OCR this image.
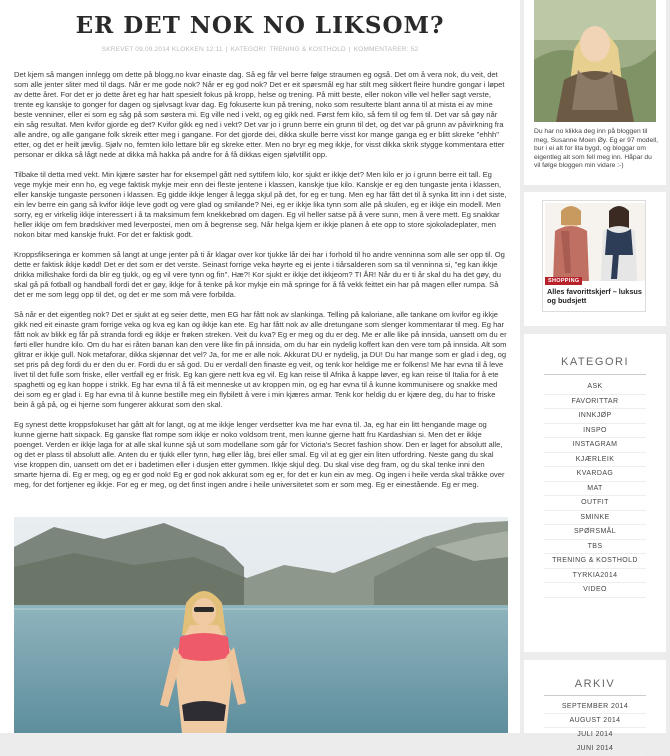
ER DET NOK NO LIKSOM?
SKREVET 09.09.2014 KLOKKEN 12:11 | KATEGORI: TRENING & KOSTHOLD | KOMMENTARER: 52

Det kjem så mangen innlegg om dette på blogg.no kvar einaste dag. Så eg får vel berre følge straumen eg også. Det om å vera nok, du veit, det som alle jenter sliter med til dags. Når er me gode nok? Når er eg god nok? Det er eit spørsmål eg har stilt meg sikkert fleire hundre gongar i løpet av dette året. For det er jo dette året eg har hatt spesielt fokus på kropp, helse og trening. På mitt beste, eller nokon ville vel heller sagt verste, trente eg kanskje to gonger for dagen og sjølvsagt kvar dag. Eg fokuserte kun på trening, noko som resulterte blant anna til at mista ei av mine beste venniner, eller ei som eg såg på som søstera mi. Eg ville ned i vekt, og eg gikk ned. Først fem kilo, så fem til og fem til. Det var så gøy når ein såg resultat. Men kvifor gjorde eg det? Kvifor gikk eg ned i vekt? Det var jo i grunn berre ein grunn til det, og det var på grunn av påvirkning fra alle andre, og alle gangane folk skreik etter meg i gangane. For det gjorde dei, dikka skulle berre visst kor mange ganga eg er blitt skreke "ehhh" etter, og det er heilt jævlig. Sjølv no, femten kilo lettare blir eg skreke etter. Men no bryr eg meg ikkje, for visst dikka skrik stygge kommentara etter personar er dikka så lågt nede at dikka må hakka på andre for å få dikkas eigen sjølvtillit opp.

Tilbake til detta med vekt. Min kjære søster har for eksempel gått ned syttifem kilo, kor sjukt er ikkje det? Men kilo er jo i grunn berre eit tall. Eg vege mykje meir enn ho, eg vege faktisk mykje meir enn dei fleste jentene i klassen, kanskje tjue kilo. Kanskje er eg den tungaste jenta i klassen, eller kanskje tungaste personen i klassen. Eg gidde ikkje lenger å legga skjul på det, for eg er tung. Men eg har fått det til å synka litt inn i det siste, ein lev berre ein gang så kvifor ikkje leve godt og vere glad og smilande? Nei, eg er ikkje lika tynn som alle på skulen, eg er ikkje ein modell. Men sorry, eg er virkelig ikkje interessert i å ta maksimum fem knekkebrød om dagen. Eg vil heller satse på å vere sunn, men å vere mett. Eg snakkar heller ikkje om fem brødskiver med leverpostei, men om å begrense seg. Når helga kjem er ikkje planen å ete opp to store sjokoladeplater, men nokon bitar med kanskje frukt. For det er faktisk godt.

Kroppsfikseringa er kommen så langt at unge jenter på ti år klagar over kor tjukke lår dei har i forhold til ho andre venninna som alle ser opp til. Og dette er faktisk ikkje kødd! Det er det som er det verste. Seinast forrige veka høyrte eg ei jente i tiårsalderen som sa til venninna si, "eg kan ikkje drikka milkshake fordi da blir eg tjukk, og eg vil vere tynn og fin". Hæ?! Kor sjukt er ikkje det ikkjeom? TI ÅR! Når du er ti år skal du ha det gøy, du skal gå på fotball og handball fordi det er gøy, ikkje for å tenke på kor mykje ein må springe for å få vekk feittet ein har på magen eller rumpa. Så det er me som legg opp til det, og det er me som må vere forbilda.

Så når er det eigentleg nok? Det er sjukt at eg seier dette, men EG har fått nok av slankinga. Telling på kaloriane, alle tankane om kvifor eg ikkje gikk ned eit einaste gram forrige veka og kva eg kan og ikkje kan ete. Eg har fått nok av alle dretungane som slenger kommentarar til meg. Eg har fått nok av blikk eg får på stranda fordi eg ikkje er frøken streken. Veit du kva? Eg er meg og du er deg. Me er alle like på innsida, uansett om du er førti eller hundre kilo. Om du har ei råten banan kan den vere like fin på innsida, om du har ein nydelig koffert kan den vere tom på innsida. Alt som glitrar er ikkje gull. Nok metaforar, dikka skjønnar det vel? Ja, for me er alle nok. Akkurat DU er nydelig, ja DU! Du har mange som er glad i deg, og set pris på deg fordi du er den du er. Fordi du er så god. Du er verdall den finaste eg veit, og tenk kor heldige me er folkens! Me har evna til å leve livet til det fulle som friske, eller vertfall eg er frisk. Eg kan gjere nett kva eg vil. Eg kan reise til Afrika å kappe løver, eg kan reise til Italia for å ete spaghetti og eg kan hoppe i strikk. Eg har evna til å få eit menneske ut av kroppen min, og eg har evna til å kunne kommunisere og snakke med dei som eg er glad i. Eg har evna til å kunne bestille meg ein flybilett å vere i min kjæres armar. Tenk kor heldig du er kjære deg, du har to friske bein å gå på, og ei hjerne som fungerer akkurat som den skal.

Eg synest dette kroppsfokuset har gått alt for langt, og at me ikkje lenger verdsetter kva me har evna til. Ja, eg har ein litt hengande mage og kunne gjerne hatt sixpack. Eg ganske flat rompe som ikkje er noko voldsom trent, men kunne gjerne hatt fru Kardashian si. Men det er ikkje poenget. Verden er ikkje laga for at alle skal kunne sjå ut som modellane som går for Victoria's Secret fashion show. Den er laget for absolutt alle, og det er plass til absolutt alle. Anten du er tjukk eller tynn, høg eller låg, brei eller smal. Eg vil at eg gjer ein liten utfordring. Neste gang du skal vise kroppen din, uansett om det er i badetimen eller i dusjen etter gymmen. Ikkje skjul deg. Du skal vise deg fram, og du skal tenke inni den smarte hjerna di. Eg er meg, og eg er god nok! Eg er god nok akkurat som eg er, for det er kun ein av meg. Og ingen i heile verda skal tråkke over meg, for det fortjener eg ikkje. For eg er meg, og det finst ingen andre i heile universitetet som er som meg. Eg er einestående. Eg er meg.

Du har no klikka deg inn på bloggen til meg, Susanne Moen Øy. Eg er 97 modell, bur i ei alt for lita bygd, og bloggar om eigentleg alt som fell meg inn. Håpar du vil følge bloggen min vidare :-)

SHOPPING

Alles favorittskjerf – luksus og budsjett

KATEGORI
ASK
FAVORITTAR
INNKJØP
INSPO
INSTAGRAM
KJÆRLEIK
KVARDAG
MAT
OUTFIT
SMINKE
SPØRSMÅL
TBS
TRENING & KOSTHOLD
TYRKIA2014
VIDEO
ARKIV
SEPTEMBER 2014
AUGUST 2014
JULI 2014
JUNI 2014
